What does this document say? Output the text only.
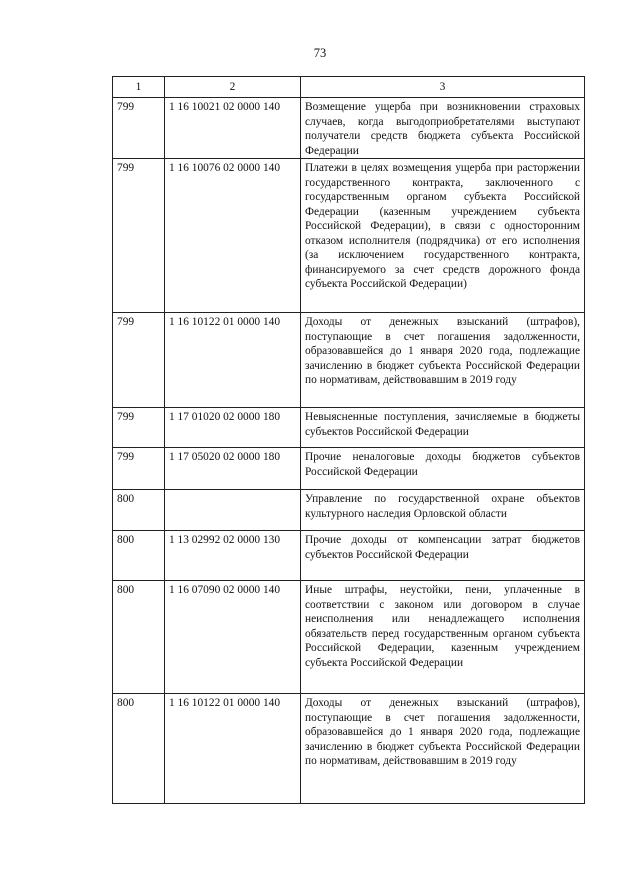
73
1	2	3
799	1 16 10021 02 0000 140	Возмещение ущерба при возникновении страховых случаев, когда выгодоприобретателями выступают получатели средств бюджета субъекта Российской Федерации
799	1 16 10076 02 0000 140	Платежи в целях возмещения ущерба при расторжении государственного контракта, заключенного с государственным органом субъекта Российской Федерации (казенным учреждением субъекта Российской Федерации), в связи с односторонним отказом исполнителя (подрядчика) от его исполнения (за исключением государственного контракта, финансируемого за счет средств дорожного фонда субъекта Российской Федерации)
799	1 16 10122 01 0000 140	Доходы от денежных взысканий (штрафов), поступающие в счет погашения задолженности, образовавшейся до 1 января 2020 года, подлежащие зачислению в бюджет субъекта Российской Федерации по нормативам, действовавшим в 2019 году
799	1 17 01020 02 0000 180	Невыясненные поступления, зачисляемые в бюджеты субъектов Российской Федерации
799	1 17 05020 02 0000 180	Прочие неналоговые доходы бюджетов субъектов Российской Федерации
800		Управление по государственной охране объектов культурного наследия Орловской области
800	1 13 02992 02 0000 130	Прочие доходы от компенсации затрат бюджетов субъектов Российской Федерации
800	1 16 07090 02 0000 140	Иные штрафы, неустойки, пени, уплаченные в соответствии с законом или договором в случае неисполнения или ненадлежащего исполнения обязательств перед государственным органом субъекта Российской Федерации, казенным учреждением субъекта Российской Федерации
800	1 16 10122 01 0000 140	Доходы от денежных взысканий (штрафов), поступающие в счет погашения задолженности, образовавшейся до 1 января 2020 года, подлежащие зачислению в бюджет субъекта Российской Федерации по нормативам, действовавшим в 2019 году
